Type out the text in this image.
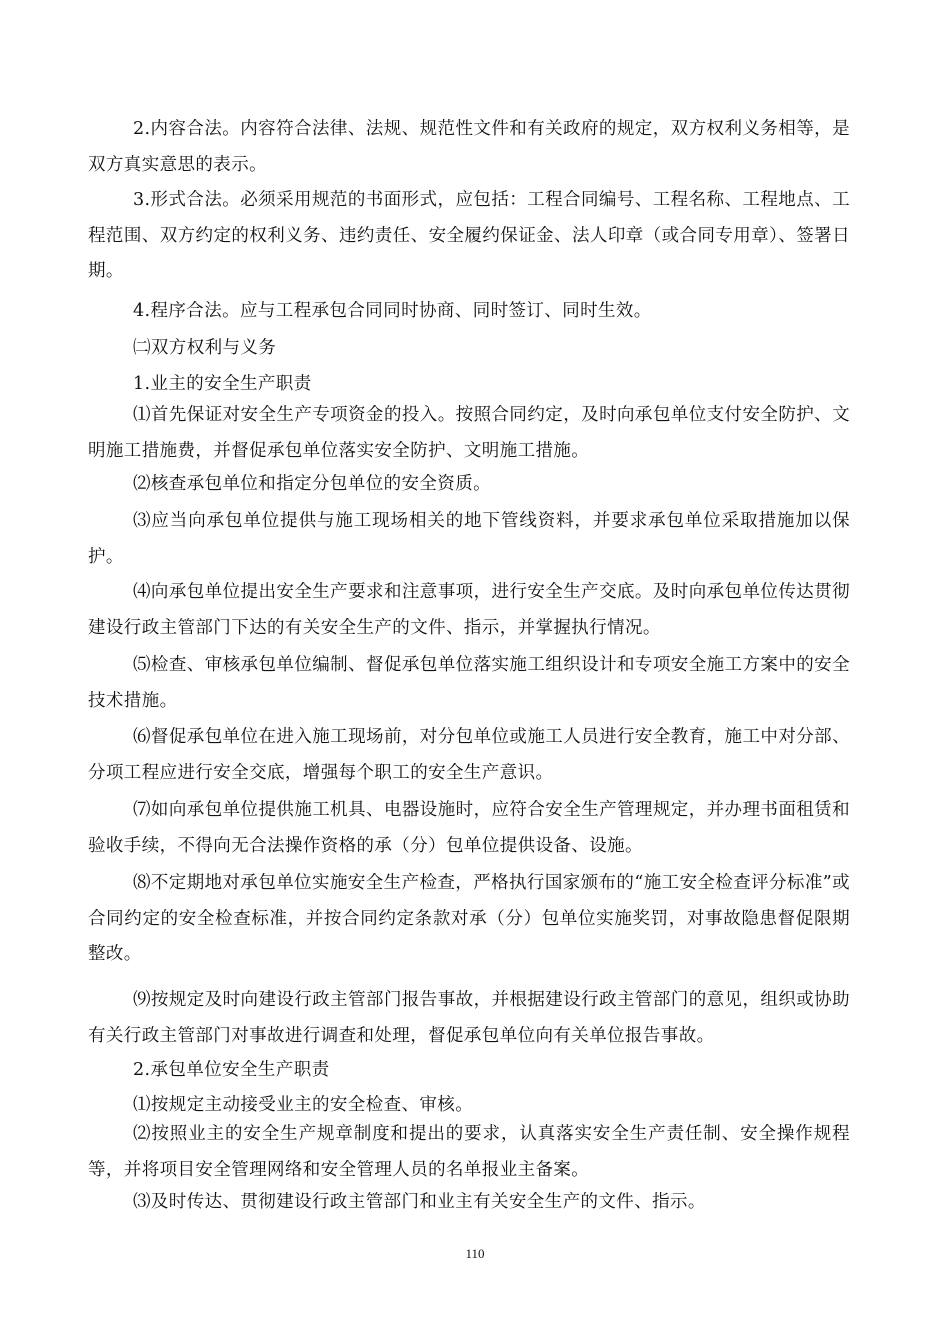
2.内容合法。内容符合法律、法规、规范性文件和有关政府的规定，双方权利义务相等，是双方真实意思的表示。

3.形式合法。必须采用规范的书面形式，应包括：工程合同编号、工程名称、工程地点、工程范围、双方约定的权利义务、违约责任、安全履约保证金、法人印章（或合同专用章）、签署日期。

4.程序合法。应与工程承包合同同时协商、同时签订、同时生效。

㈡双方权利与义务

1.业主的安全生产职责

⑴首先保证对安全生产专项资金的投入。按照合同约定，及时向承包单位支付安全防护、文明施工措施费，并督促承包单位落实安全防护、文明施工措施。

⑵核查承包单位和指定分包单位的安全资质。

⑶应当向承包单位提供与施工现场相关的地下管线资料，并要求承包单位采取措施加以保护。

⑷向承包单位提出安全生产要求和注意事项，进行安全生产交底。及时向承包单位传达贯彻建设行政主管部门下达的有关安全生产的文件、指示，并掌握执行情况。

⑸检查、审核承包单位编制、督促承包单位落实施工组织设计和专项安全施工方案中的安全技术措施。

⑹督促承包单位在进入施工现场前，对分包单位或施工人员进行安全教育，施工中对分部、分项工程应进行安全交底，增强每个职工的安全生产意识。

⑺如向承包单位提供施工机具、电器设施时，应符合安全生产管理规定，并办理书面租赁和验收手续，不得向无合法操作资格的承（分）包单位提供设备、设施。

⑻不定期地对承包单位实施安全生产检查，严格执行国家颁布的“施工安全检查评分标准”或合同约定的安全检查标准，并按合同约定条款对承（分）包单位实施奖罚，对事故隐患督促限期整改。

⑼按规定及时向建设行政主管部门报告事故，并根据建设行政主管部门的意见，组织或协助有关行政主管部门对事故进行调查和处理，督促承包单位向有关单位报告事故。

2.承包单位安全生产职责

⑴按规定主动接受业主的安全检查、审核。

⑵按照业主的安全生产规章制度和提出的要求，认真落实安全生产责任制、安全操作规程等，并将项目安全管理网络和安全管理人员的名单报业主备案。

⑶及时传达、贯彻建设行政主管部门和业主有关安全生产的文件、指示。

110
